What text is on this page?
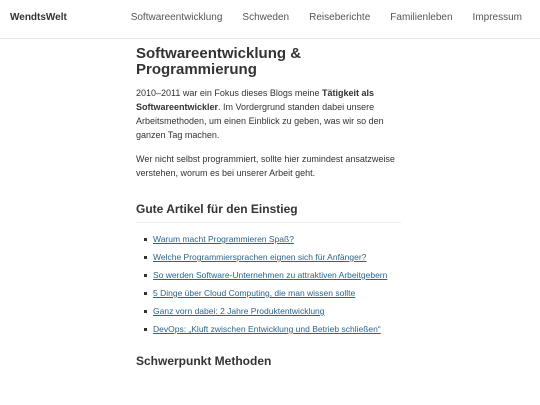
WendtsWelt	Softwareentwicklung Schweden Reiseberichte Familienleben Impressum
Softwareentwicklung & Programmierung

2010–2011 war ein Fokus dieses Blogs meine Tätigkeit als Softwareentwickler. Im Vordergrund standen dabei unsere Arbeitsmethoden, um einen Einblick zu geben, was wir so den ganzen Tag machen.

Wer nicht selbst programmiert, sollte hier zumindest ansatzweise verstehen, worum es bei unserer Arbeit geht.

Gute Artikel für den Einstieg
Warum macht Programmieren Spaß?
Welche Programmiersprachen eignen sich für Anfänger?
So werden Software-Unternehmen zu attraktiven Arbeitgebern
5 Dinge über Cloud Computing, die man wissen sollte
Ganz vorn dabei: 2 Jahre Produktentwicklung
DevOps: „Kluft zwischen Entwicklung und Betrieb schließen“
Schwerpunkt Methoden
